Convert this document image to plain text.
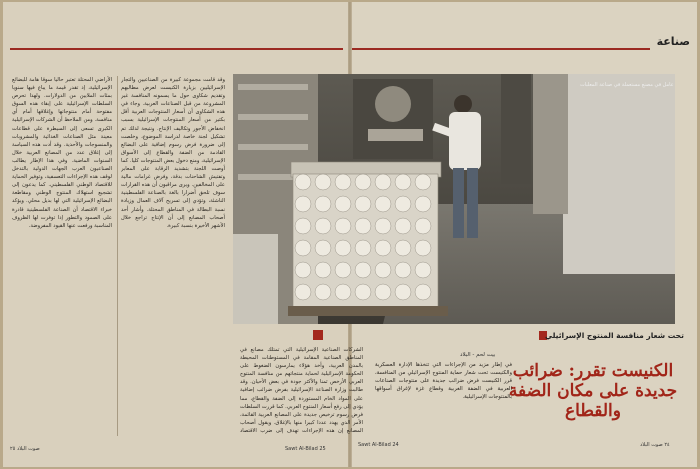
صناعة
الأراضي المحتلة تعتبر حاليا سوقا هامة للبضائع الإسرائيلية، إذ تقدر قيمة ما يباع فيها سنويا بمئات الملايين من الدولارات. ولهذا تحرص السلطات الإسرائيلية على إبقاء هذه السوق مفتوحة أمام منتوجاتها وإغلاقها أمام أي منافسة. ومن الملاحظ أن الشركات الإسرائيلية الكبرى تسعى إلى السيطرة على قطاعات معينة مثل الصناعات الغذائية والمشروبات والمنسوجات والأحذية. وقد أدت هذه السياسة إلى إغلاق عدد من المصانع العربية خلال السنوات الماضية. وفي هذا الإطار يطالب الصناعيون العرب الجهات الدولية بالتدخل لوقف هذه الإجراءات التعسفية، وتوفير الحماية للاقتصاد الوطني الفلسطيني. كما يدعون إلى تشجيع استهلاك المنتوج الوطني ومقاطعة البضائع الإسرائيلية التي لها بديل محلي. ويؤكد خبراء الاقتصاد أن الصناعة الفلسطينية قادرة على الصمود والتطور إذا توفرت لها الظروف المناسبة ورفعت عنها القيود المفروضة.
وقد قامت مجموعة كبيرة من الصناعيين والتجار الإسرائيليين بزيارة الكنيست لعرض مطالبهم وتقديم شكاوى حول ما يسمونه المنافسة غير المشروعة من قبل الصناعات العربية. وجاء في هذه الشكاوى أن أسعار المنتوجات العربية أقل بكثير من أسعار المنتوجات الإسرائيلية بسبب انخفاض الأجور وتكاليف الإنتاج. ونتيجة لذلك تم تشكيل لجنة خاصة لدراسة الموضوع، وخلصت إلى ضرورة فرض رسوم إضافية على البضائع القادمة من الضفة والقطاع إلى الأسواق الإسرائيلية، ومنع دخول بعض المنتوجات كليا. كما أوصت اللجنة بتشديد الرقابة على المعابر وتفتيش الشاحنات بدقة، وفرض غرامات مالية على المخالفين. ويرى مراقبون أن هذه القرارات سوف تلحق أضرارا بالغة بالصناعة الفلسطينية الناشئة، وتؤدي إلى تسريح آلاف العمال وزيادة نسبة البطالة في المناطق المحتلة. وأشار أحد أصحاب المصانع إلى أن الإنتاج تراجع خلال الأشهر الأخيرة بنسبة كبيرة.
عامل في مصنع مستعملة في صناعة المعلبات
الشركات الصناعية الإسرائيلية التي تمتلك مصانع في المناطق الصناعية المقامة في المستوطنات المحيطة بالمدن العربية، وأخذ هؤلاء يمارسون الضغوط على الحكومة الإسرائيلية لحماية منتجاتهم من منافسة المنتوج العربي الأرخص ثمنا والأكثر جودة في بعض الأحيان. وقد طالبت وزارة الصناعة الإسرائيلية بفرض ضرائب إضافية على المواد الخام المستوردة إلى الضفة والقطاع، مما يؤدي إلى رفع أسعار المنتوج العربي. كما قررت السلطات فرض رسوم ترخيص جديدة على المصانع العربية القائمة، الأمر الذي يهدد عددا كبيرا منها بالإغلاق. ويقول أصحاب المصانع إن هذه الإجراءات تهدف إلى ضرب الاقتصاد
تحت شعار منافسة المنتوج الإسرائيلي
بيت لحم - البلاد
في إطار مزيد من الإجراءات التي تتخذها الإدارة العسكرية والكنيست تحت شعار حماية المنتوج الإسرائيلي من المنافسة، قرر الكنيست فرض ضرائب جديدة على منتوجات الصناعات العربية في الضفة الغربية وقطاع غزة لإغراق أسواقها بالمنتوجات الإسرائيلية.
الكنيست تقرر: ضرائب جديدة على مكان الضفة والقطاع
صوت البلاد ٢٥	Sawt Al-Bilad 25
Sawt Al-Bilad 24	٢٤ صوت البلاد
